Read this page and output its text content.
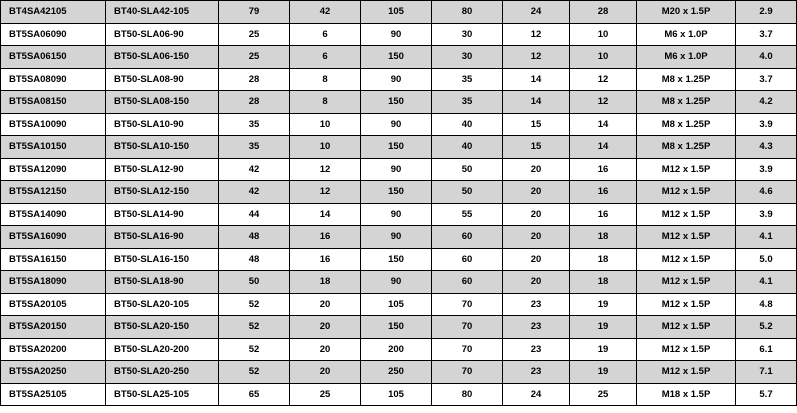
BT4SA42105	BT40-SLA42-105	79	42	105	80	24	28	M20 x 1.5P	2.9
BT5SA06090	BT50-SLA06-90	25	6	90	30	12	10	M6 x 1.0P	3.7
BT5SA06150	BT50-SLA06-150	25	6	150	30	12	10	M6 x 1.0P	4.0
BT5SA08090	BT50-SLA08-90	28	8	90	35	14	12	M8 x 1.25P	3.7
BT5SA08150	BT50-SLA08-150	28	8	150	35	14	12	M8 x 1.25P	4.2
BT5SA10090	BT50-SLA10-90	35	10	90	40	15	14	M8 x 1.25P	3.9
BT5SA10150	BT50-SLA10-150	35	10	150	40	15	14	M8 x 1.25P	4.3
BT5SA12090	BT50-SLA12-90	42	12	90	50	20	16	M12 x 1.5P	3.9
BT5SA12150	BT50-SLA12-150	42	12	150	50	20	16	M12 x 1.5P	4.6
BT5SA14090	BT50-SLA14-90	44	14	90	55	20	16	M12 x 1.5P	3.9
BT5SA16090	BT50-SLA16-90	48	16	90	60	20	18	M12 x 1.5P	4.1
BT5SA16150	BT50-SLA16-150	48	16	150	60	20	18	M12 x 1.5P	5.0
BT5SA18090	BT50-SLA18-90	50	18	90	60	20	18	M12 x 1.5P	4.1
BT5SA20105	BT50-SLA20-105	52	20	105	70	23	19	M12 x 1.5P	4.8
BT5SA20150	BT50-SLA20-150	52	20	150	70	23	19	M12 x 1.5P	5.2
BT5SA20200	BT50-SLA20-200	52	20	200	70	23	19	M12 x 1.5P	6.1
BT5SA20250	BT50-SLA20-250	52	20	250	70	23	19	M12 x 1.5P	7.1
BT5SA25105	BT50-SLA25-105	65	25	105	80	24	25	M18 x 1.5P	5.7
